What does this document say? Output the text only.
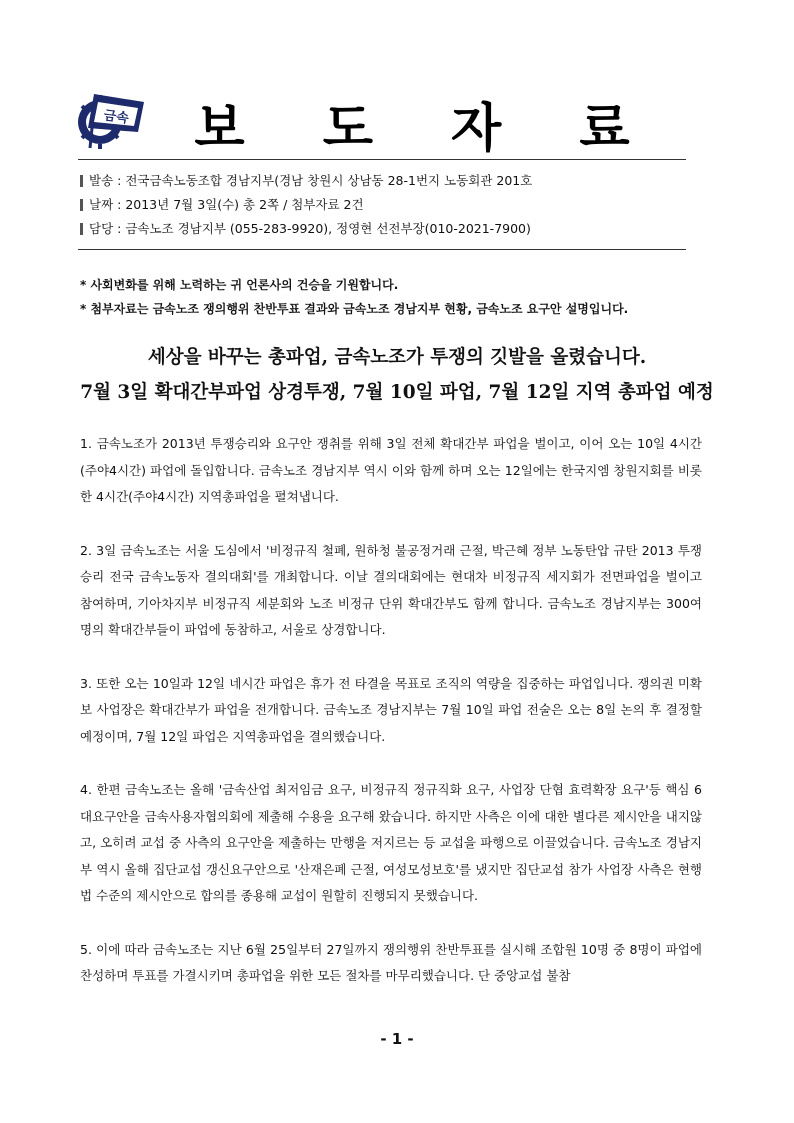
금속	보 도 자 료
발송 : 전국금속노동조합 경남지부(경남 창원시 상남동 28-1번지 노동회관 201호
날짜 : 2013년 7월 3일(수) 총 2쪽 / 첨부자료 2건
담당 : 금속노조 경남지부 (055-283-9920), 정영현 선전부장(010-2021-7900)
* 사회변화를 위해 노력하는 귀 언론사의 건승을 기원합니다.
* 첨부자료는 금속노조 쟁의행위 찬반투표 결과와 금속노조 경남지부 현황, 금속노조 요구안 설명입니다.
세상을 바꾸는 총파업, 금속노조가 투쟁의 깃발을 올렸습니다.
7월 3일 확대간부파업 상경투쟁, 7월 10일 파업, 7월 12일 지역 총파업 예정

1. 금속노조가 2013년 투쟁승리와 요구안 쟁취를 위해 3일 전체 확대간부 파업을 벌이고, 이어 오는 10일 4시간(주야4시간) 파업에 돌입합니다. 금속노조 경남지부 역시 이와 함께 하며 오는 12일에는 한국지엠 창원지회를 비롯한 4시간(주야4시간) 지역총파업을 펼쳐냅니다.

2. 3일 금속노조는 서울 도심에서 '비정규직 철폐, 원하청 불공정거래 근절, 박근혜 정부 노동탄압 규탄 2013 투쟁승리 전국 금속노동자 결의대회'를 개최합니다. 이날 결의대회에는 현대차 비정규직 세지회가 전면파업을 벌이고 참여하며, 기아차지부 비정규직 세분회와 노조 비정규 단위 확대간부도 함께 합니다. 금속노조 경남지부는 300여명의 확대간부들이 파업에 동참하고, 서울로 상경합니다.

3. 또한 오는 10일과 12일 네시간 파업은 휴가 전 타결을 목표로 조직의 역량을 집중하는 파업입니다. 쟁의권 미확보 사업장은 확대간부가 파업을 전개합니다. 금속노조 경남지부는 7월 10일 파업 전술은 오는 8일 논의 후 결정할 예정이며, 7월 12일 파업은 지역총파업을 결의했습니다.

4. 한편 금속노조는 올해 '금속산업 최저임금 요구, 비정규직 정규직화 요구, 사업장 단협 효력확장 요구'등 핵심 6대요구안을 금속사용자협의회에 제출해 수용을 요구해 왔습니다. 하지만 사측은 이에 대한 별다른 제시안을 내지않고, 오히려 교섭 중 사측의 요구안을 제출하는 만행을 저지르는 등 교섭을 파행으로 이끌었습니다. 금속노조 경남지부 역시 올해 집단교섭 갱신요구안으로 '산재은폐 근절, 여성모성보호'를 냈지만 집단교섭 참가 사업장 사측은 현행 법 수준의 제시안으로 합의를 종용해 교섭이 원할히 진행되지 못했습니다.

5. 이에 따라 금속노조는 지난 6월 25일부터 27일까지 쟁의행위 찬반투표를 실시해 조합원 10명 중 8명이 파업에 찬성하며 투표를 가결시키며 총파업을 위한 모든 절차를 마무리했습니다. 단 중앙교섭 불참

- 1 -
